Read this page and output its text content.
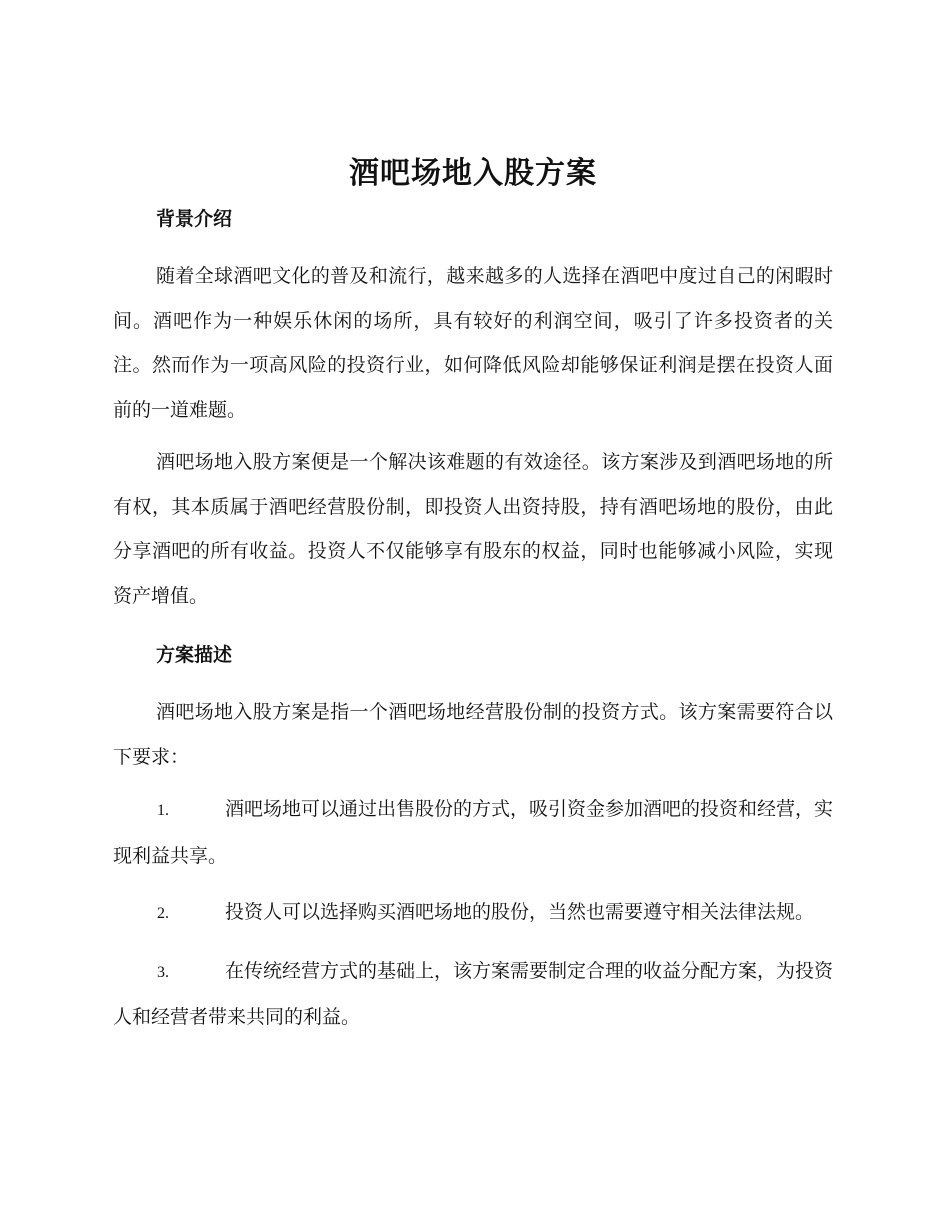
酒吧场地入股方案
背景介绍

随着全球酒吧文化的普及和流行，越来越多的人选择在酒吧中度过自己的闲暇时间。酒吧作为一种娱乐休闲的场所，具有较好的利润空间，吸引了许多投资者的关注。然而作为一项高风险的投资行业，如何降低风险却能够保证利润是摆在投资人面前的一道难题。

酒吧场地入股方案便是一个解决该难题的有效途径。该方案涉及到酒吧场地的所有权，其本质属于酒吧经营股份制，即投资人出资持股，持有酒吧场地的股份，由此分享酒吧的所有收益。投资人不仅能够享有股东的权益，同时也能够减小风险，实现资产增值。

方案描述

酒吧场地入股方案是指一个酒吧场地经营股份制的投资方式。该方案需要符合以下要求：

1.	酒吧场地可以通过出售股份的方式，吸引资金参加酒吧的投资和经营，实现利益共享。
2.	投资人可以选择购买酒吧场地的股份，当然也需要遵守相关法律法规。
3.	在传统经营方式的基础上，该方案需要制定合理的收益分配方案，为投资人和经营者带来共同的利益。
